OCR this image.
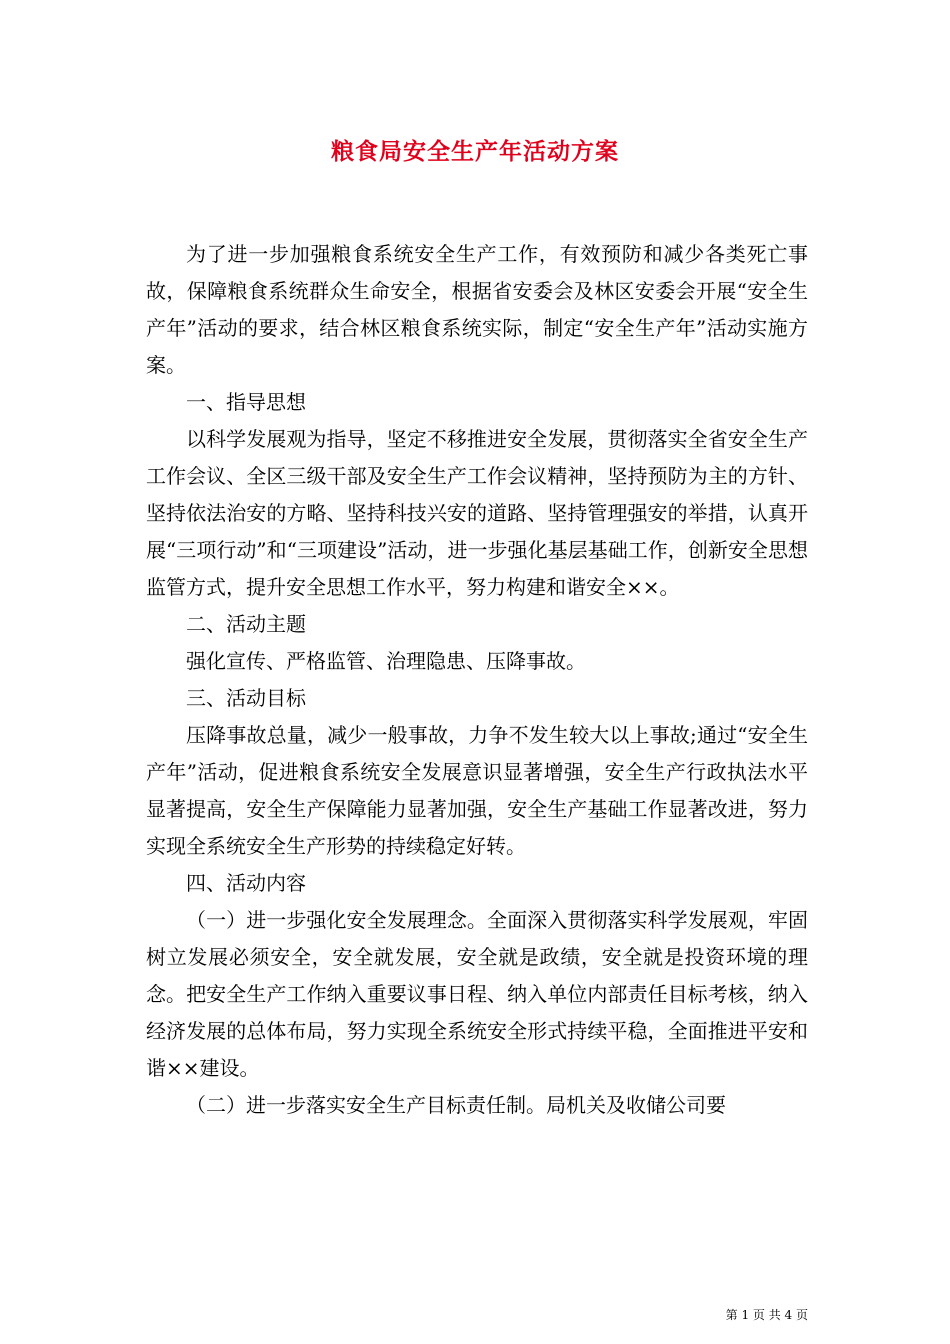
粮食局安全生产年活动方案

为了进一步加强粮食系统安全生产工作，有效预防和减少各类死亡事故，保障粮食系统群众生命安全，根据省安委会及林区安委会开展“安全生产年”活动的要求，结合林区粮食系统实际，制定“安全生产年”活动实施方案。

一、指导思想

以科学发展观为指导，坚定不移推进安全发展，贯彻落实全省安全生产工作会议、全区三级干部及安全生产工作会议精神，坚持预防为主的方针、坚持依法治安的方略、坚持科技兴安的道路、坚持管理强安的举措，认真开展“三项行动”和“三项建设”活动，进一步强化基层基础工作，创新安全思想监管方式，提升安全思想工作水平，努力构建和谐安全××。

二、活动主题

强化宣传、严格监管、治理隐患、压降事故。

三、活动目标

压降事故总量，减少一般事故，力争不发生较大以上事故;通过“安全生产年”活动，促进粮食系统安全发展意识显著增强，安全生产行政执法水平显著提高，安全生产保障能力显著加强，安全生产基础工作显著改进，努力实现全系统安全生产形势的持续稳定好转。

四、活动内容

（一）进一步强化安全发展理念。全面深入贯彻落实科学发展观，牢固树立发展必须安全，安全就发展，安全就是政绩，安全就是投资环境的理念。把安全生产工作纳入重要议事日程、纳入单位内部责任目标考核，纳入经济发展的总体布局，努力实现全系统安全形式持续平稳，全面推进平安和谐××建设。

（二）进一步落实安全生产目标责任制。局机关及收储公司要

第 1 页 共 4 页
